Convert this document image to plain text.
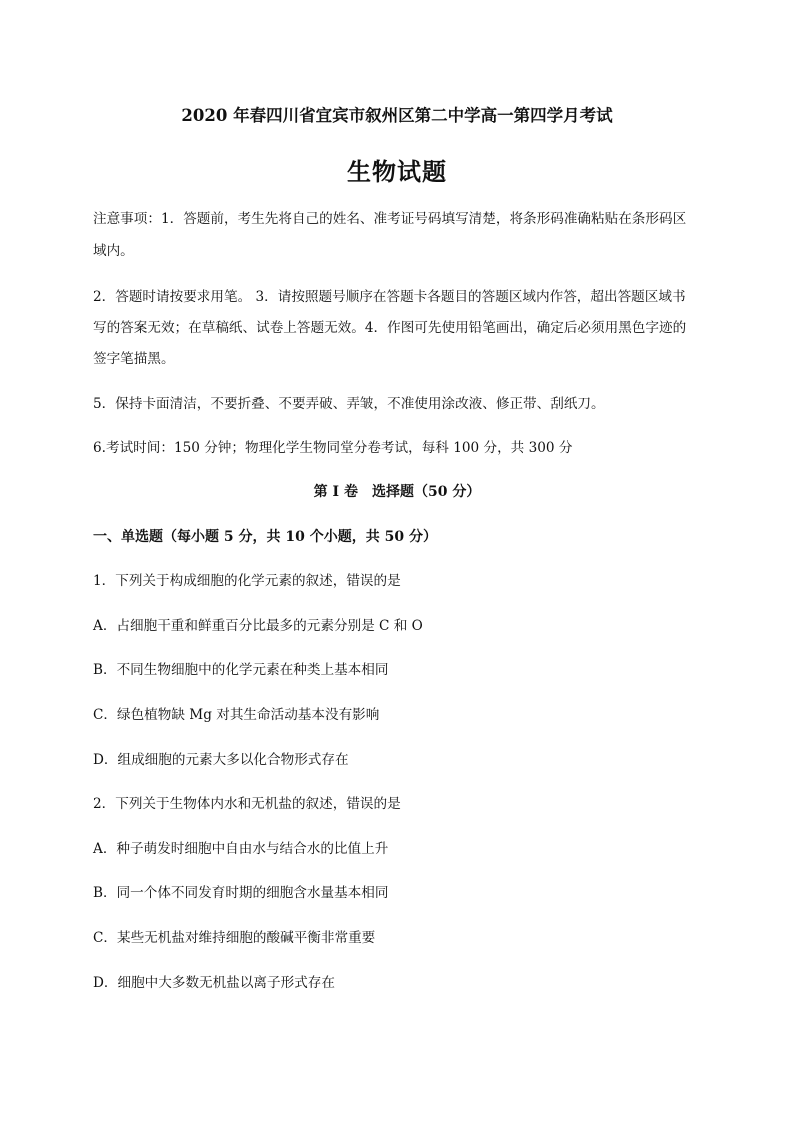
2020 年春四川省宜宾市叙州区第二中学高一第四学月考试
生物试题
注意事项：1．答题前，考生先将自己的姓名、准考证号码填写清楚，将条形码准确粘贴在条形码区
域内。
2．答题时请按要求用笔。 3．请按照题号顺序在答题卡各题目的答题区域内作答，超出答题区域书
写的答案无效；在草稿纸、试卷上答题无效。4．作图可先使用铅笔画出，确定后必须用黑色字迹的
签字笔描黑。
5．保持卡面清洁，不要折叠、不要弄破、弄皱，不准使用涂改液、修正带、刮纸刀。
6.考试时间：150 分钟；物理化学生物同堂分卷考试，每科 100 分，共 300 分
第 I 卷　选择题（50 分）
一、单选题（每小题 5 分，共 10 个小题，共 50 分）
1．下列关于构成细胞的化学元素的叙述，错误的是
A．占细胞干重和鲜重百分比最多的元素分别是 C 和 O
B．不同生物细胞中的化学元素在种类上基本相同
C．绿色植物缺 Mg 对其生命活动基本没有影响
D．组成细胞的元素大多以化合物形式存在
2．下列关于生物体内水和无机盐的叙述，错误的是
A．种子萌发时细胞中自由水与结合水的比值上升
B．同一个体不同发育时期的细胞含水量基本相同
C．某些无机盐对维持细胞的酸碱平衡非常重要
D．细胞中大多数无机盐以离子形式存在
